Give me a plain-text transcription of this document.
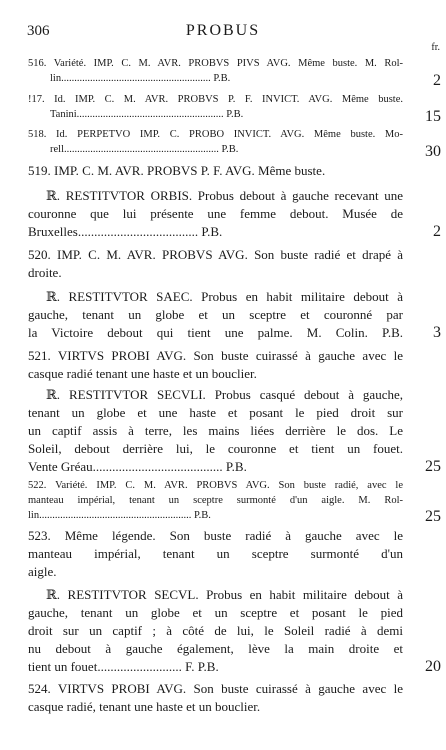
306	PROBUS
fr.
516. Variété. IMP. C. M. AVR. PROBVS PIVS AVG. Même buste. M. Rol-
lin......................................................... P.B.	2
!17. Id. IMP. C. M. AVR. PROBVS P. F. INVICT. AVG. Même buste.
Tanini........................................................ P.B.	15
518. Id. PERPETVO IMP. C. PROBO INVICT. AVG. Même buste. Mo-
rell........................................................... P.B.	30
519. IMP. C. M. AVR. PROBVS P. F. AVG. Même buste.
ℝ. RESTITVTOR ORBIS. Probus debout à gauche recevant une
couronne que lui présente une femme debout. Musée de
Bruxelles..................................... P.B.	2
520. IMP. C. M. AVR. PROBVS AVG. Son buste radié et drapé à
droite.
ℝ. RESTITVTOR SAEC. Probus en habit militaire debout à
gauche, tenant un globe et un sceptre et couronné par
la Victoire debout qui tient une palme. M. Colin. P.B.	3
521. VIRTVS PROBI AVG. Son buste cuirassé à gauche avec le
casque radié tenant une haste et un bouclier.
ℝ. RESTITVTOR SECVLI. Probus casqué debout à gauche,
tenant un globe et une haste et posant le pied droit sur
un captif assis à terre, les mains liées derrière le dos. Le
Soleil, debout derrière lui, le couronne et tient un fouet.
Vente Gréau........................................ P.B.	25
522. Variété. IMP. C. M. AVR. PROBVS AVG. Son buste radié, avec le
manteau impérial, tenant un sceptre surmonté d'un aigle. M. Rol-
lin.......................................................... P.B.	25
523. Même légende. Son buste radié à gauche avec le
manteau impérial, tenant un sceptre surmonté d'un
aigle.
ℝ. RESTITVTOR SECVL. Probus en habit militaire debout à
gauche, tenant un globe et un sceptre et posant le pied
droit sur un captif ; à côté de lui, le Soleil radié à demi
nu debout à gauche également, lève la main droite et
tient un fouet.......................... F. P.B.	20
524. VIRTVS PROBI AVG. Son buste cuirassé à gauche avec le
casque radié, tenant une haste et un bouclier.
